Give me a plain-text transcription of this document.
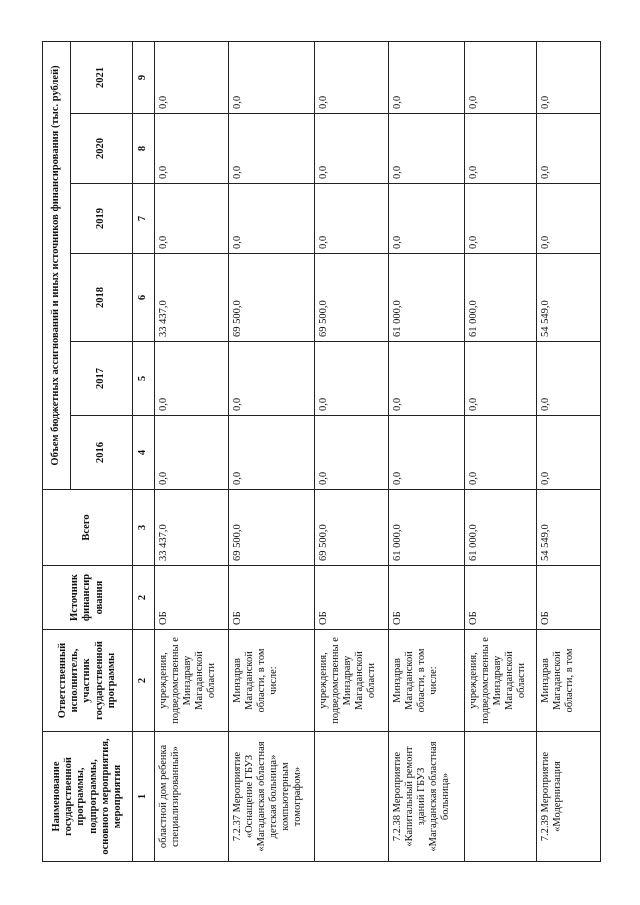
Наименование государственной программы, подпрограммы, основного мероприятия, мероприятия	Ответственный исполнитель, участник государственной программы	Источник финансир ования	Всего	Объем бюджетных ассигнований и иных источников финансирования (тыс. рублей)					
				2016	2017	2018	2019	2020	2021
1	2	2	3	4	5	6	7	8	9
областной дом ребенка специализированный»	учреждения, подведомственны е Минздраву Магаданской области	ОБ	33 437,0	0,0	0,0	33 437,0	0,0	0,0	0,0
7.2.37 Мероприятие «Оснащение ГБУЗ «Магаданская областная детская больница» компьютерным томографом»	Минздрав Магаданской области, в том числе:	ОБ	69 500,0	0,0	0,0	69 500,0	0,0	0,0	0,0
	учреждения, подведомственны е Минздраву Магаданской области	ОБ	69 500,0	0,0	0,0	69 500,0	0,0	0,0	0,0
7.2.38 Мероприятие «Капитальный ремонт зданий ГБУЗ «Магаданская областная больница»	Минздрав Магаданской области, в том числе:	ОБ	61 000,0	0,0	0,0	61 000,0	0,0	0,0	0,0
	учреждения, подведомственны е Минздраву Магаданской области	ОБ	61 000,0	0,0	0,0	61 000,0	0,0	0,0	0,0
7.2.39 Мероприятие «Модернизация	Минздрав Магаданской области, в том	ОБ	54 549,0	0,0	0,0	54 549,0	0,0	0,0	0,0
